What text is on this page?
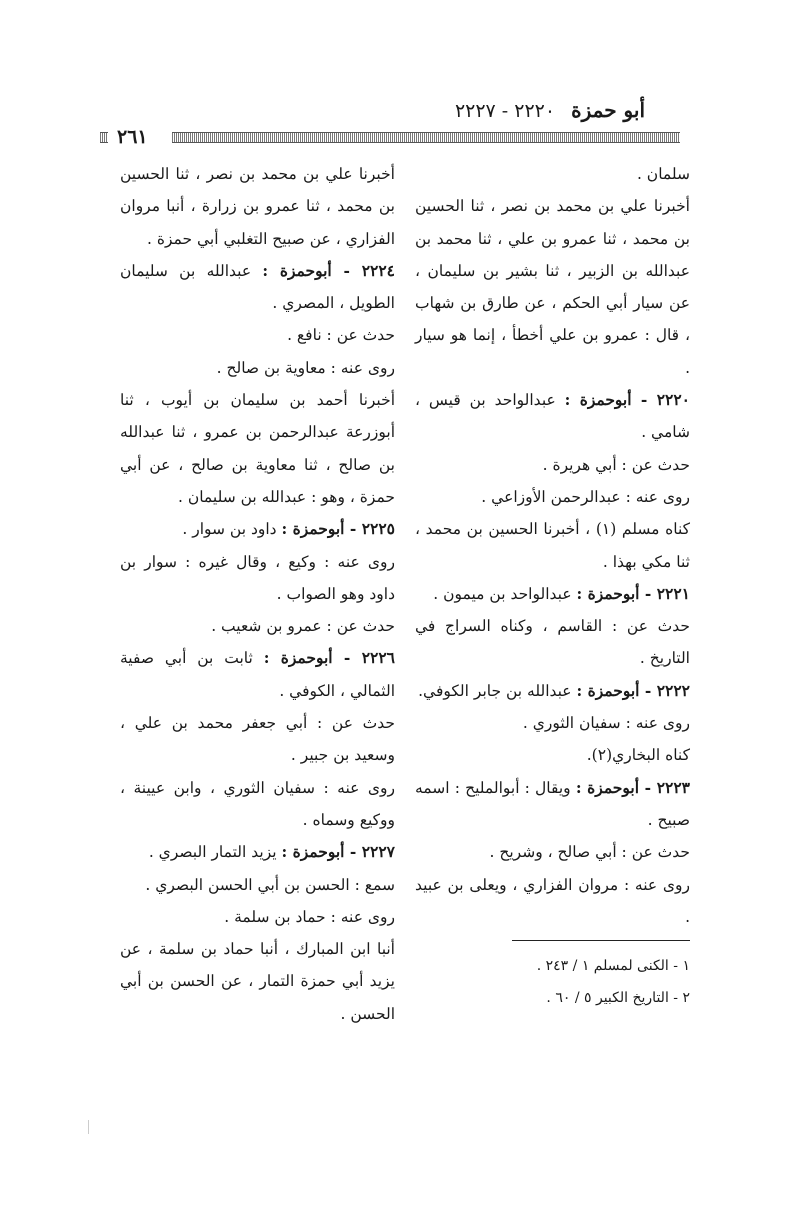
أبو حمزة ٢٢٢٠ - ٢٢٢٧
٢٦١

سلمان .

أخبرنا علي بن محمد بن نصر ، ثنا الحسين بن محمد ، ثنا عمرو بن علي ، ثنا محمد بن عبدالله بن الزبير ، ثنا بشير بن سليمان ، عن سيار أبي الحكم ، عن طارق بن شهاب ، قال : عمرو بن علي أخطأ ، إنما هو سيار .

٢٢٢٠ - أبوحمزة : عبدالواحد بن قيس ، شامي .

حدث عن : أبي هريرة .

روى عنه : عبدالرحمن الأوزاعي .

كناه مسلم (١) ، أخبرنا الحسين بن محمد ، ثنا مكي بهذا .

٢٢٢١ - أبوحمزة : عبدالواحد بن ميمون .

حدث عن : القاسم ، وكناه السراج في التاريخ .

٢٢٢٢ - أبوحمزة : عبدالله بن جابر الكوفي.

روى عنه : سفيان الثوري .

كناه البخاري(٢).

٢٢٢٣ - أبوحمزة : ويقال : أبوالمليح : اسمه صبيح .

حدث عن : أبي صالح ، وشريح .

روى عنه : مروان الفزاري ، ويعلى بن عبيد .

أخبرنا علي بن محمد بن نصر ، ثنا الحسين بن محمد ، ثنا عمرو بن زرارة ، أنبا مروان الفزاري ، عن صبيح التغلبي أبي حمزة .

٢٢٢٤ - أبوحمزة : عبدالله بن سليمان الطويل ، المصري .

حدث عن : نافع .

روى عنه : معاوية بن صالح .

أخبرنا أحمد بن سليمان بن أيوب ، ثنا أبوزرعة عبدالرحمن بن عمرو ، ثنا عبدالله بن صالح ، ثنا معاوية بن صالح ، عن أبي حمزة ، وهو : عبدالله بن سليمان .

٢٢٢٥ - أبوحمزة : داود بن سوار .

روى عنه : وكيع ، وقال غيره : سوار بن داود وهو الصواب .

حدث عن : عمرو بن شعيب .

٢٢٢٦ - أبوحمزة : ثابت بن أبي صفية الثمالي ، الكوفي .

حدث عن : أبي جعفر محمد بن علي ، وسعيد بن جبير .

روى عنه : سفيان الثوري ، وابن عيينة ، ووكيع وسماه .

٢٢٢٧ - أبوحمزة : يزيد التمار البصري .

سمع : الحسن بن أبي الحسن البصري .

روى عنه : حماد بن سلمة .

أنبا ابن المبارك ، أنبا حماد بن سلمة ، عن يزيد أبي حمزة التمار ، عن الحسن بن أبي الحسن .

١ - الكنى لمسلم ١ / ٢٤٣ .

٢ - التاريخ الكبير ٥ / ٦٠ .
